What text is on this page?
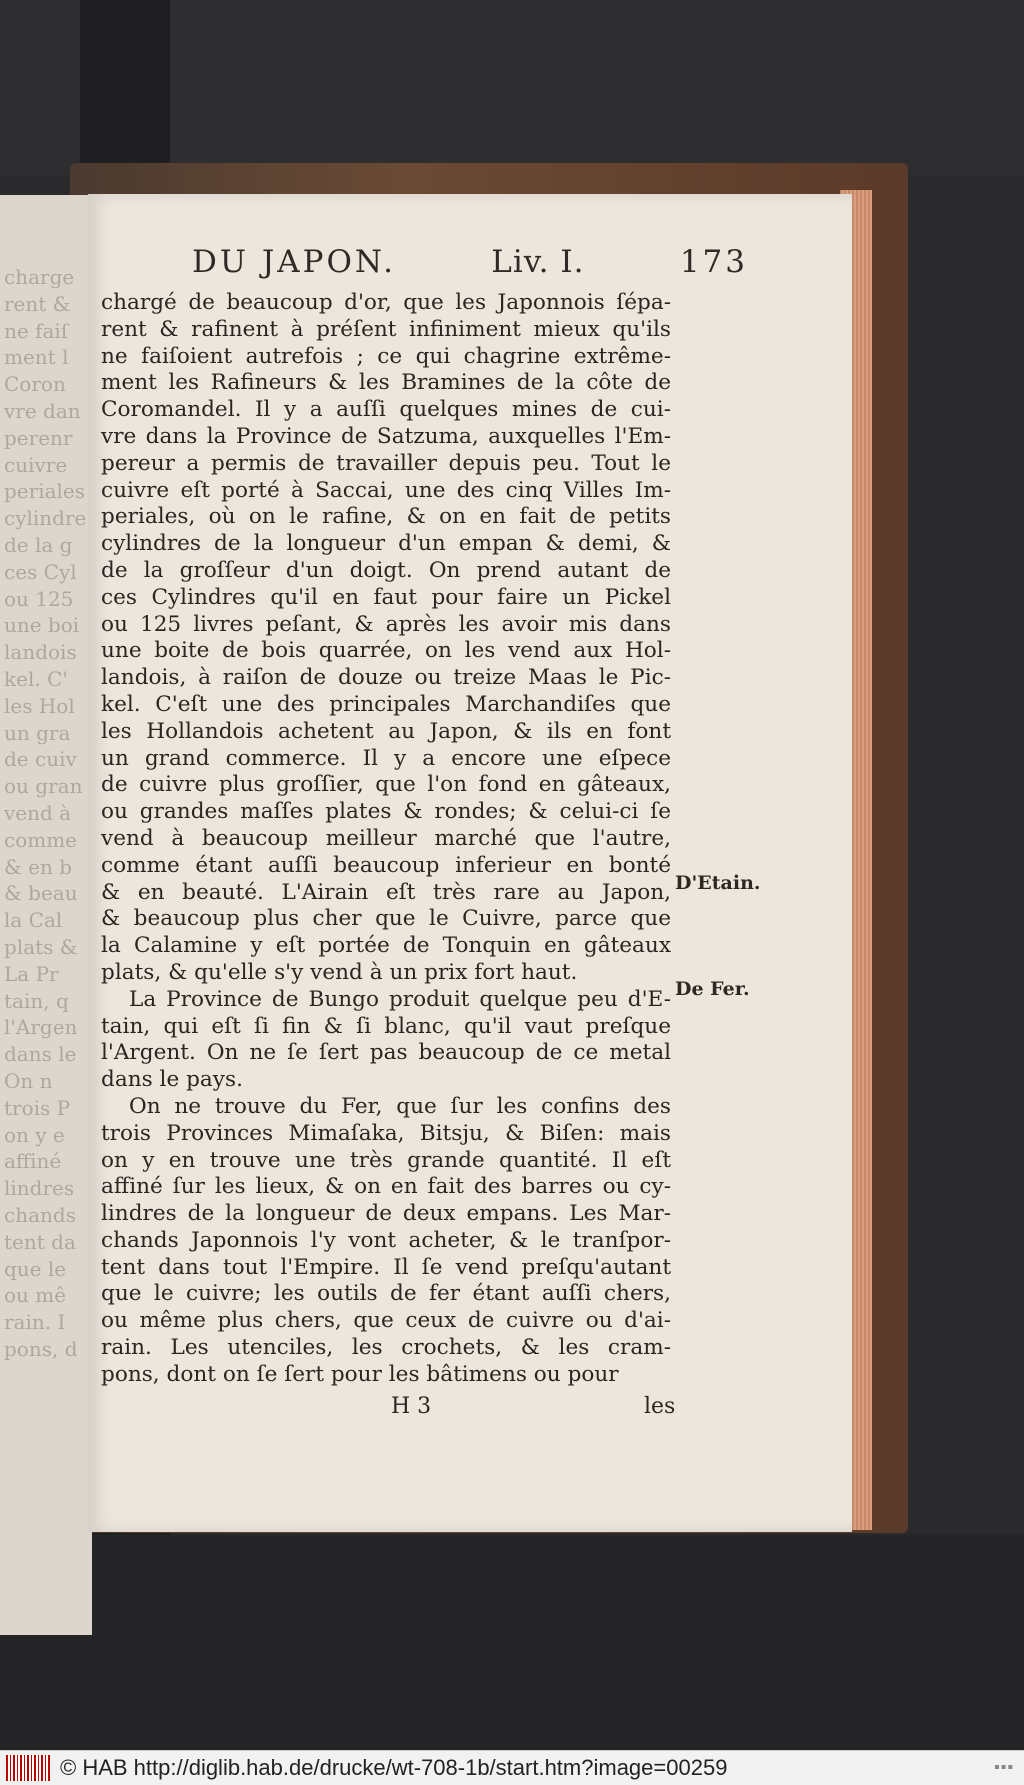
charge
rent &
ne faiſ
ment l
Coron
vre dan
perenr
cuivre
periales
cylindre
de la g
ces Cyl
ou 125
une boi
landois
kel. C'
les Hol
un gra
de cuiv
ou gran
vend à
comme
& en b
& beau
la Cal
plats &
La Pr
tain, q
l'Argen
dans le
On n
trois P
on y e
affiné
lindres
chands
tent da
que le
ou mê
rain. I
pons, d
DU JAPON.	Liv. I.	173
chargé de beaucoup d'or, que les Japonnois ſépa-
rent & rafinent à préſent infiniment mieux qu'ils
ne faiſoient autrefois ; ce qui chagrine extrême-
ment les Rafineurs & les Bramines de la côte de
Coromandel. Il y a auſſi quelques mines de cui-
vre dans la Province de Satzuma, auxquelles l'Em-
pereur a permis de travailler depuis peu. Tout le
cuivre eſt porté à Saccai, une des cinq Villes Im-
periales, où on le rafine, & on en fait de petits
cylindres de la longueur d'un empan & demi, &
de la groſſeur d'un doigt. On prend autant de
ces Cylindres qu'il en faut pour faire un Pickel
ou 125 livres peſant, & après les avoir mis dans
une boite de bois quarrée, on les vend aux Hol-
landois, à raiſon de douze ou treize Maas le Pic-
kel. C'eſt une des principales Marchandiſes que
les Hollandois achetent au Japon, & ils en font
un grand commerce. Il y a encore une eſpece
de cuivre plus groſſier, que l'on fond en gâteaux,
ou grandes maſſes plates & rondes; & celui-ci ſe
vend à beaucoup meilleur marché que l'autre,
comme étant auſſi beaucoup inferieur en bonté
& en beauté. L'Airain eſt très rare au Japon,
& beaucoup plus cher que le Cuivre, parce que
la Calamine y eſt portée de Tonquin en gâteaux
plats, & qu'elle s'y vend à un prix fort haut.
La Province de Bungo produit quelque peu d'E-
tain, qui eſt ſi fin & ſi blanc, qu'il vaut preſque
l'Argent. On ne ſe ſert pas beaucoup de ce metal
dans le pays.
On ne trouve du Fer, que ſur les confins des
trois Provinces Mimaſaka, Bitsju, & Biſen: mais
on y en trouve une très grande quantité. Il eſt
affiné ſur les lieux, & on en fait des barres ou cy-
lindres de la longueur de deux empans. Les Mar-
chands Japonnois l'y vont acheter, & le tranſpor-
tent dans tout l'Empire. Il ſe vend preſqu'autant
que le cuivre; les outils de fer étant auſſi chers,
ou même plus chers, que ceux de cuivre ou d'ai-
rain. Les utenciles, les crochets, & les cram-
pons, dont on ſe ſert pour les bâtimens ou pour
D'Etain.
De Fer.
H 3	les
© HAB http://diglib.hab.de/drucke/wt-708-1b/start.htm?image=00259	▪▪▪
